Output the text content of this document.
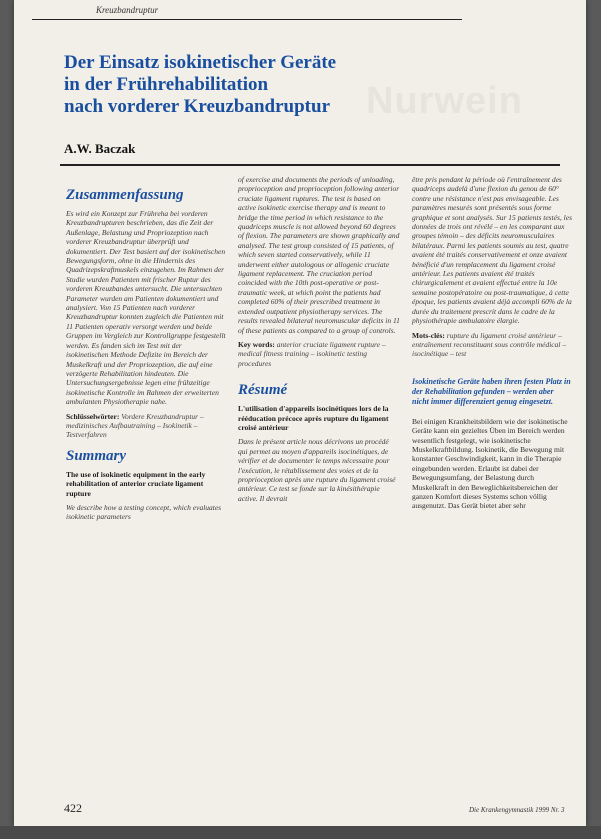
Kreuzbandruptur
Nurwein
Der Einsatz isokinetischer Geräte
in der Frührehabilitation
nach vorderer Kreuzbandruptur
A.W. Baczak
Zusammenfassung

Es wird ein Konzept zur Frühreha bei vorderen Kreuzbandrupturen beschrieben, das die Zeit der Außenlage, Belastung und Propriozeption nach vorderer Kreuzbandruptur überprüft und dokumentiert. Der Test basiert auf der isokinetischen Bewegungsform, ohne in die Hindernis des Quadrizepskraftmuskels einzugehen. Im Rahmen der Studie wurden Patienten mit frischer Ruptur des vorderen Kreuzbandes untersucht. Die untersuchten Parameter wurden am Patienten dokumentiert und analysiert. Von 15 Patienten nach vorderer Kreuzbandruptur konnten zugleich die Patienten mit 11 Patienten operativ versorgt werden und beide Gruppen im Vergleich zur Kontrollgruppe festgestellt werden. Es fanden sich im Test mit der isokinetischen Methode Defizite im Bereich der Muskelkraft und der Propriozeption, die auf eine verzögerte Rehabilitation hindeuten. Die Untersuchungsergebnisse legen eine frühzeitige isokinetische Kontrolle im Rahmen der erweiterten ambulanten Physiotherapie nahe.

Schlüsselwörter: Vordere Kreuzbandruptur – medizinisches Aufbautraining – Isokinetik – Testverfahren

Summary

The use of isokinetic equipment in the early rehabilitation of anterior cruciate ligament rupture

We describe how a testing concept, which evaluates isokinetic parameters

of exercise and documents the periods of unloading, proprioception and proprioception following anterior cruciate ligament ruptures. The test is based on active isokinetic exercise therapy and is meant to bridge the time period in which resistance to the quadriceps muscle is not allowed beyond 60 degrees of flexion. The parameters are shown graphically and analysed. The test group consisted of 15 patients, of which seven started conservatively, while 11 underwent either autologous or allogenic cruciate ligament replacement. The cruciation period coincided with the 10th post-operative or post-traumatic week, at which point the patients had completed 60% of their prescribed treatment in extended outpatient physiotherapy services. The results revealed bilateral neuromuscular deficits in 11 of these patients as compared to a group of controls.

Key words: anterior cruciate ligament rupture – medical fitness training – isokinetic testing procedures

Résumé

L'utilisation d'appareils isocinétiques lors de la rééducation précoce après rupture du ligament croisé antérieur

Dans le présent article nous décrivons un procédé qui permet au moyen d'appareils isocinétiques, de vérifier et de documenter le temps nécessaire pour l'exécution, le rétablissement des voies et de la proprioception après une rupture du ligament croisé antérieur. Ce test se fonde sur la kinésithérapie active. Il devrait

être pris pendant la période où l'entraînement des quadriceps audelà d'une flexion du genou de 60° contre une résistance n'est pas envisageable. Les paramètres mesurés sont présentés sous forme graphique et sont analysés. Sur 15 patients testés, les données de trois ont révélé – en les comparant aux groupes témoin – des déficits neuromusculaires bilatéraux. Parmi les patients soumis au test, quatre avaient été traités conservativement et onze avaient bénéficié d'un remplacement du ligament croisé antérieur. Les patients avaient été traités chirurgicalement et avaient effectué entre la 10e semaine postopératoire ou post-traumatique, à cette époque, les patients avaient déjà accompli 60% de la durée du traitement prescrit dans le cadre de la physiothérapie ambulatoire élargie.

Mots-clés: rupture du ligament croisé antérieur – entraînement reconstituant sous contrôle médical – isocinétique – test

Isokinetische Geräte haben ihren festen Platz in der Rehabilitation gefunden – werden aber nicht immer differenziert genug eingesetzt.

Bei einigen Krankheitsbildern wie der isokinetische Geräte kann ein gezieltes Üben im Bereich werden wesentlich festgelegt, wie isokinetische Muskelkraftbildung. Isokinetik, die Bewegung mit konstanter Geschwindigkeit, kann in die Therapie eingebunden werden. Erlaubt ist dabei der Bewegungsumfang, der Belastung durch Muskelkraft in den Beweglichkeitsbereichen der ganzen Komfort dieses Systems schon völlig ausgenutzt. Das Gerät bietet aber sehr

422	Die Krankengymnastik 1999 Nr. 3
